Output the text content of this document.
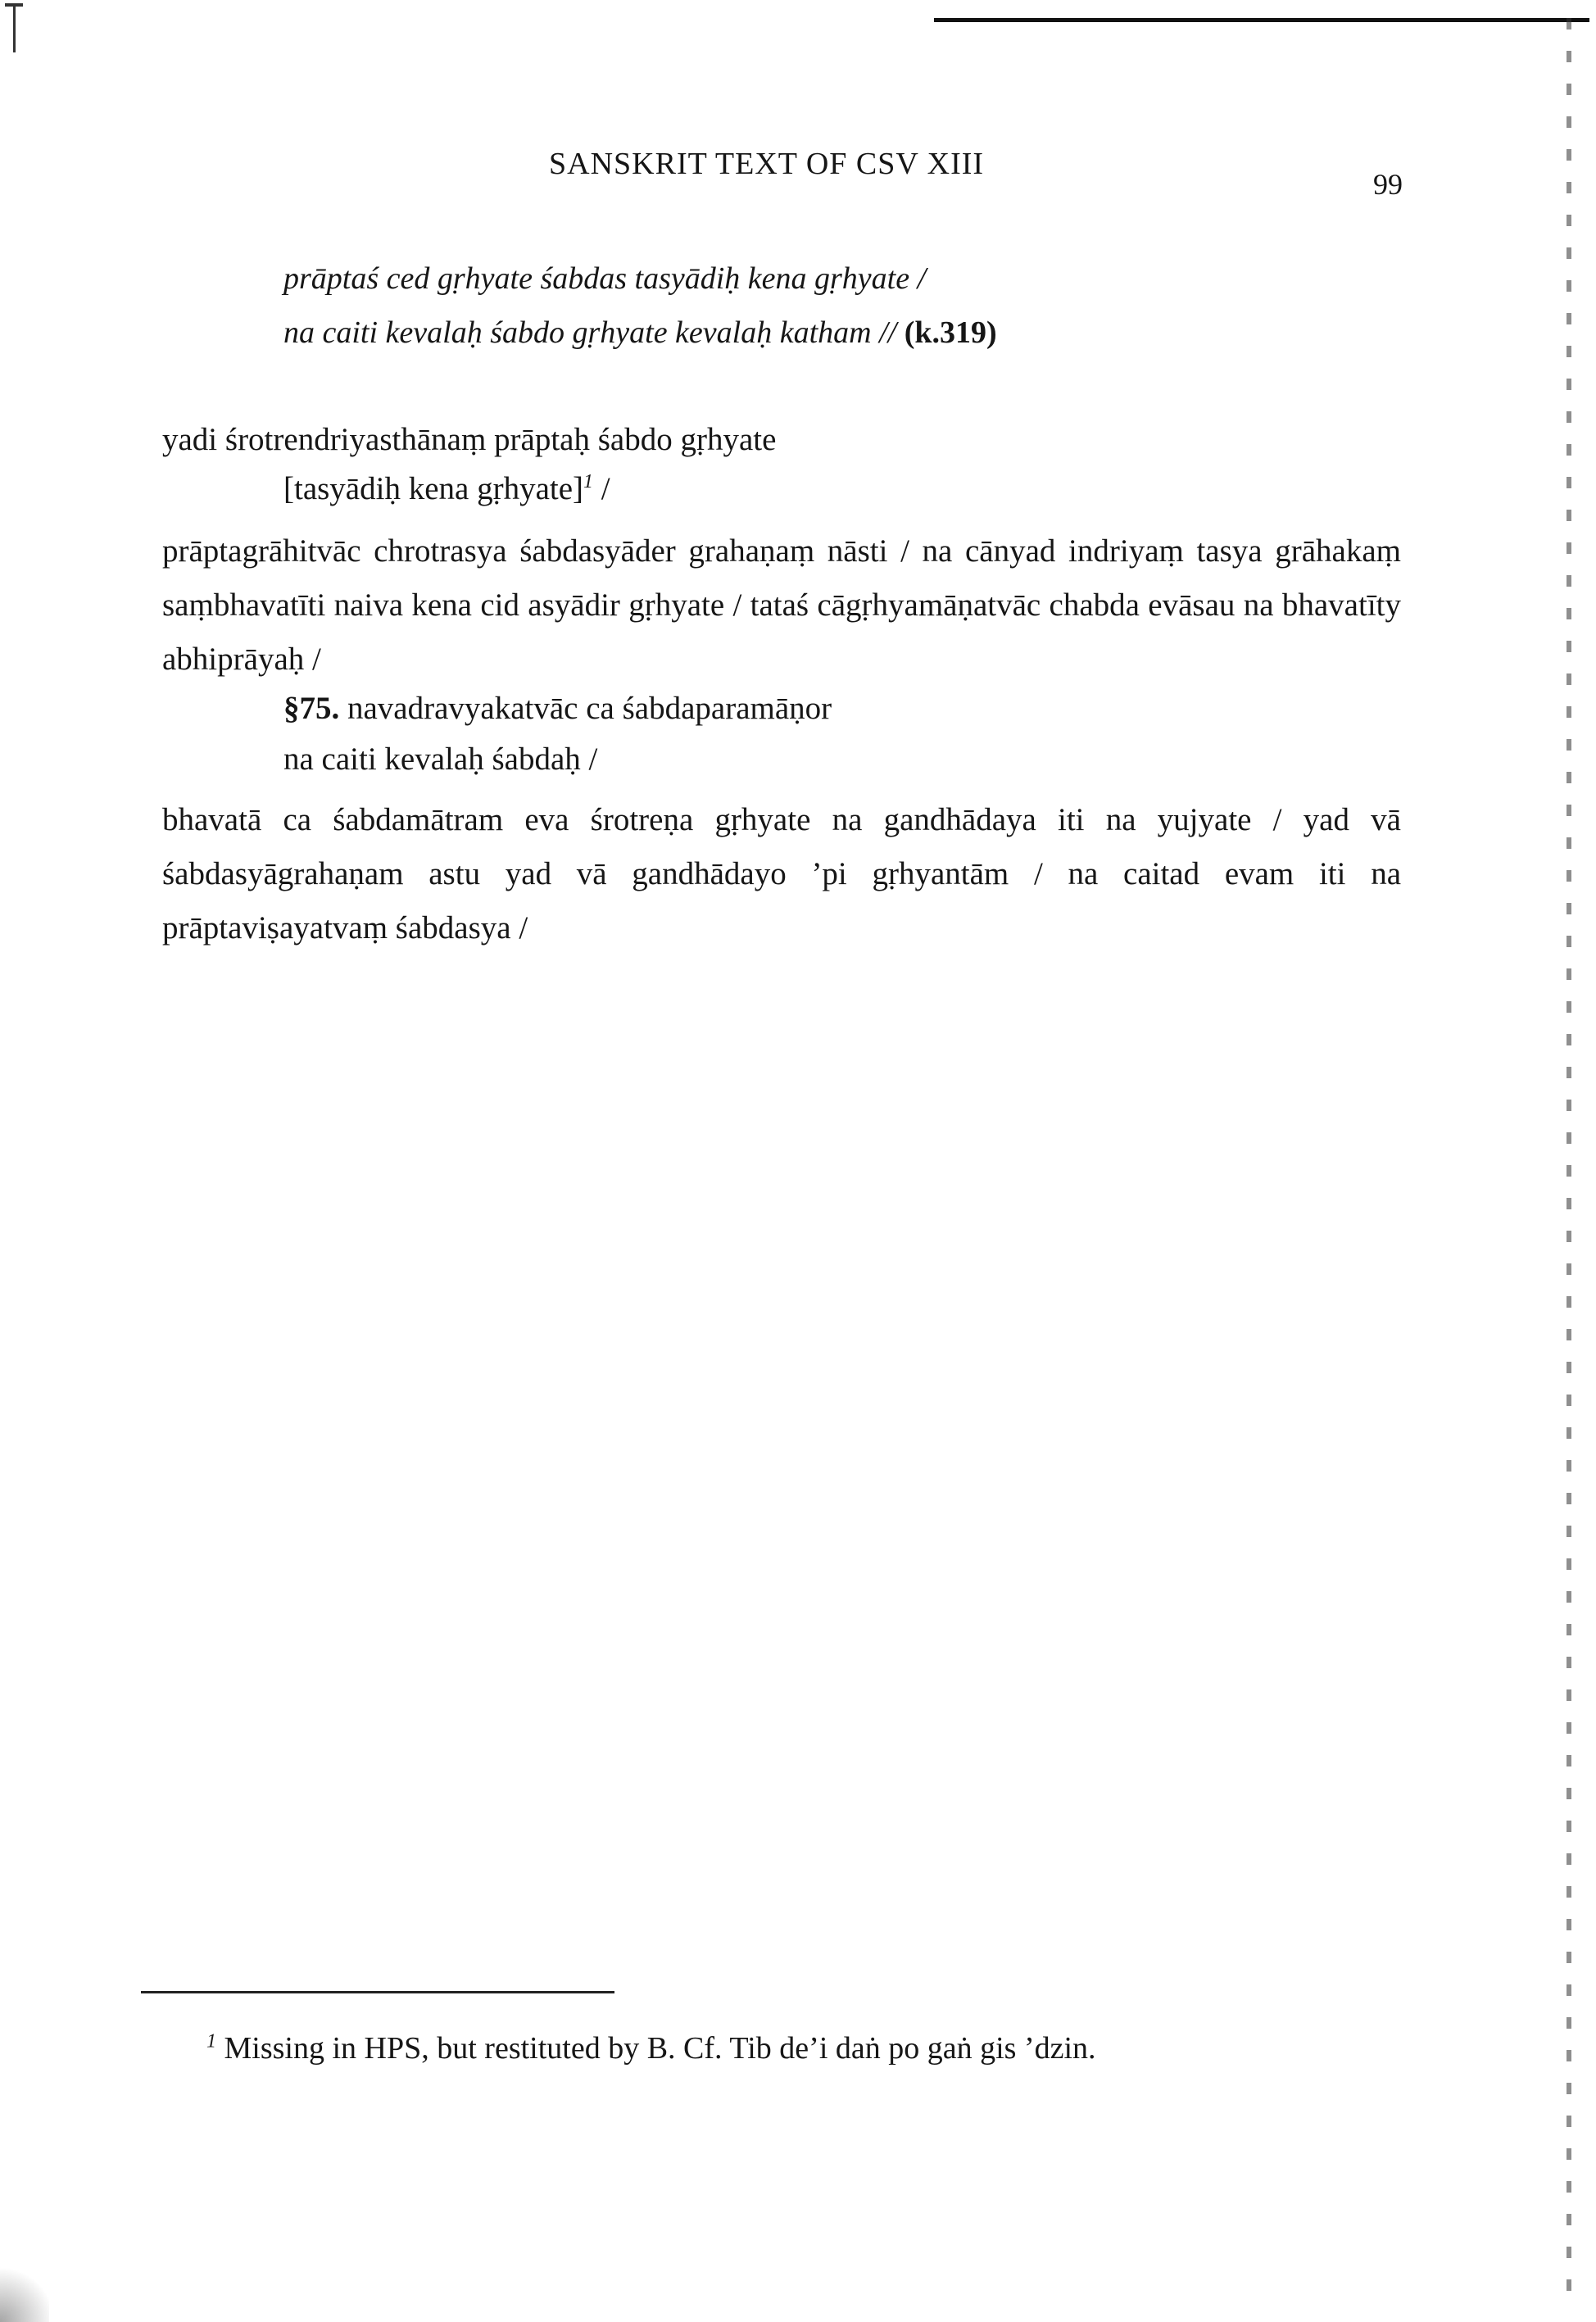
SANSKRIT TEXT OF CSV XIII
99
prāptaś ced gṛhyate śabdas tasyādiḥ kena gṛhyate /
na caiti kevalaḥ śabdo gṛhyate kevalaḥ katham // (k.319)
yadi śrotrendriyasthānaṃ prāptaḥ śabdo gṛhyate
[tasyādiḥ kena gṛhyate]$^1$ /
prāptagrāhitvāc chrotrasya śabdasyāder grahaṇaṃ nāsti / na cānyad indriyaṃ tasya grāhakaṃ saṃbhavatīti naiva kena cid asyādir gṛhyate / tataś cāgṛhyamāṇatvāc chabda evāsau na bhavatīty abhiprāyaḥ /
§75. navadravyakatvāc ca śabdaparamāṇor
na caiti kevalaḥ śabdaḥ /
bhavatā ca śabdamātram eva śrotreṇa gṛhyate na gandhādaya iti na yujyate / yad vā śabdasyāgrahaṇam astu yad vā gandhādayo ’pi gṛhyantām / na caitad evam iti na prāptaviṣayatvaṃ śabdasya /
$^1$ Missing in HPS, but restituted by B. Cf. Tib de’i daṅ po gaṅ gis ’dzin.
